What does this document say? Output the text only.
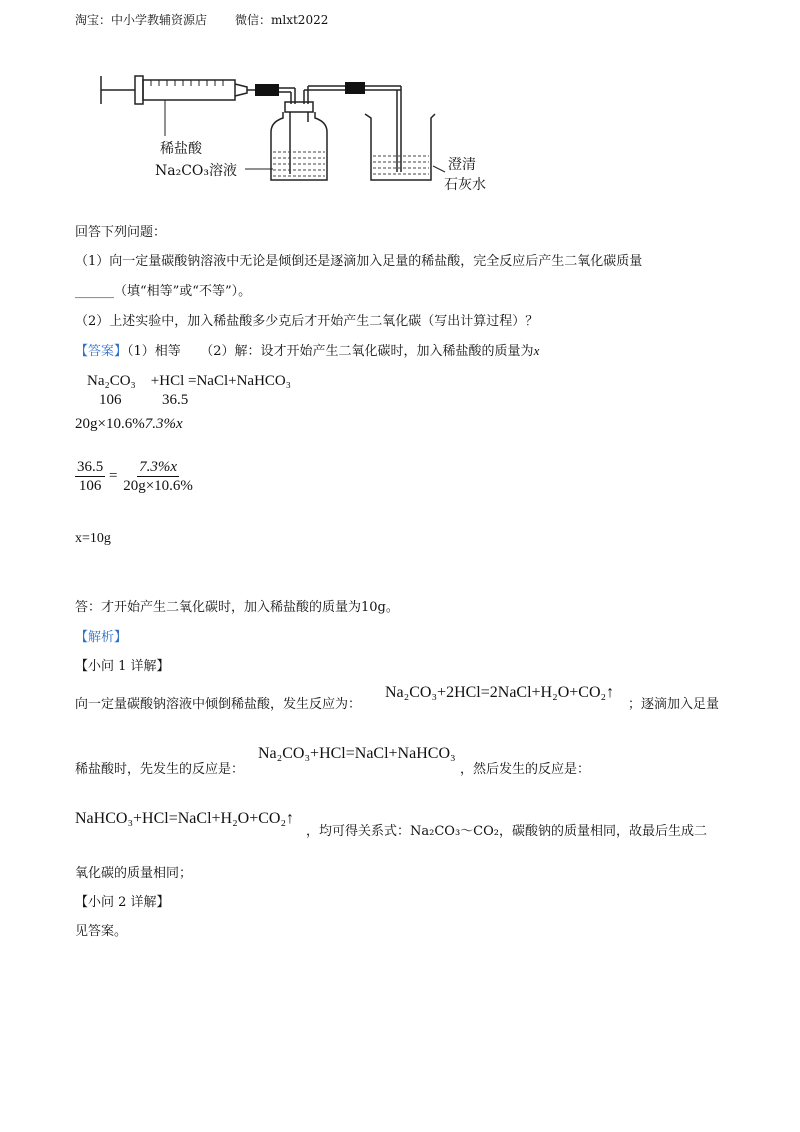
淘宝：中小学教辅资源店 微信：mlxt2022
稀盐酸
Na₂CO₃溶液	澄清
石灰水
回答下列问题：
（1）向一定量碳酸钠溶液中无论是倾倒还是逐滴加入足量的稀盐酸，完全反应后产生二氧化碳质量
______（填“相等”或“不等”）。
（2）上述实验中，加入稀盐酸多少克后才开始产生二氧化碳（写出计算过程）？
【答案】（1）相等　　（2）解：设才开始产生二氧化碳时，加入稀盐酸的质量为x
Na₂CO₃　+HCl =NaCl+NaHCO₃
106	36.5
20g×10.6%7.3%x
$\frac{36.5}{106} = \frac{7.3\%x}{20g\times 10.6\%}$
x=10g
答：才开始产生二氧化碳时，加入稀盐酸的质量为10g。
【解析】
【小问 1 详解】
向一定量碳酸钠溶液中倾倒稀盐酸，发生反应为：
Na₂CO₃+2HCl=2NaCl+H₂O+CO₂↑
；逐滴加入足量
稀盐酸时，先发生的反应是：
Na₂CO₃+HCl=NaCl+NaHCO₃
，然后发生的反应是：
NaHCO₃+HCl=NaCl+H₂O+CO₂↑
，均可得关系式：Na₂CO₃～CO₂，碳酸钠的质量相同，故最后生成二
氧化碳的质量相同；
【小问 2 详解】
见答案。
